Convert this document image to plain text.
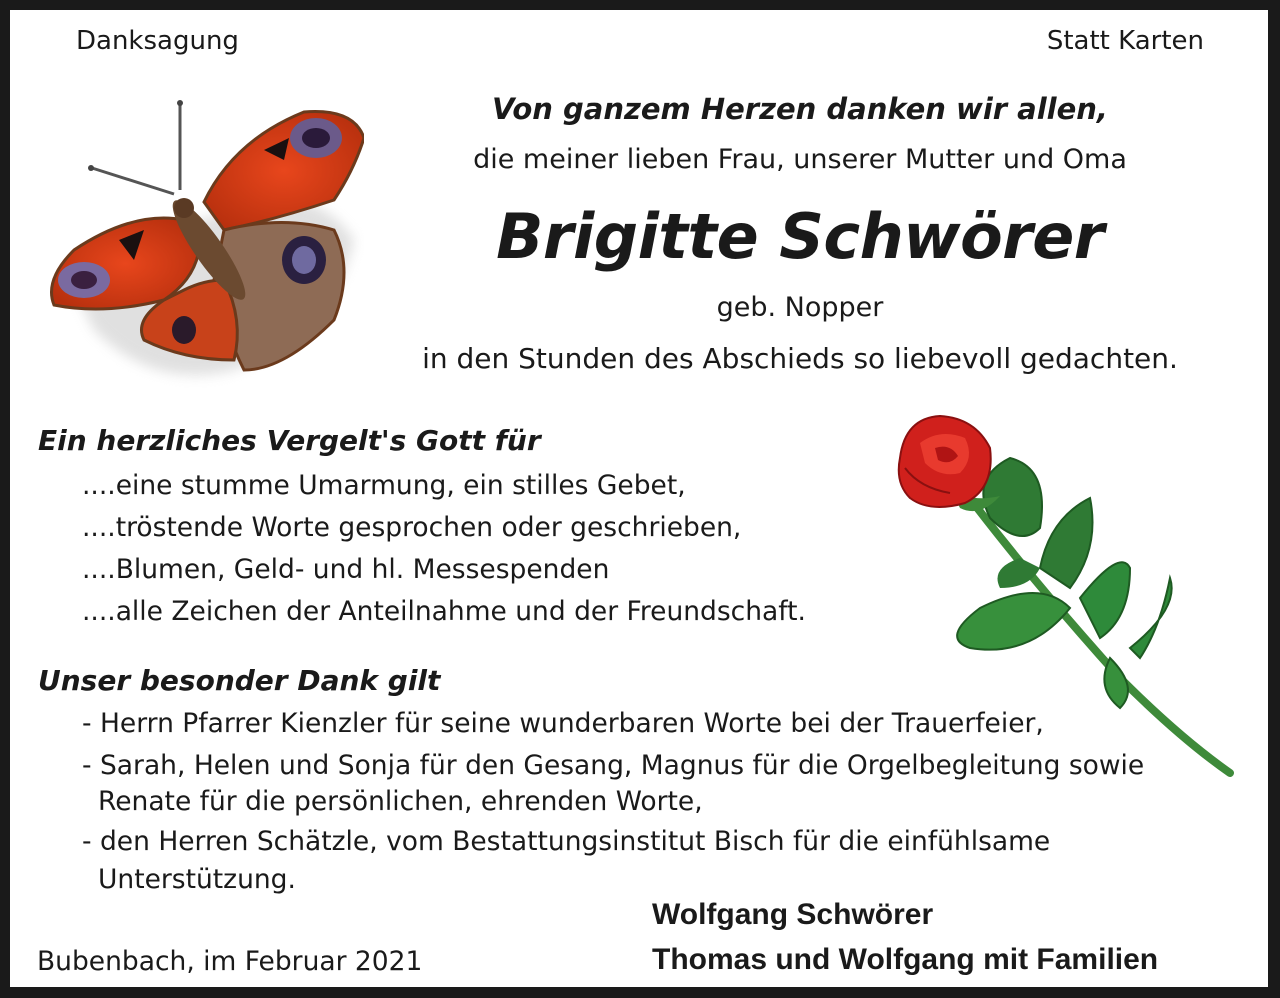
Danksagung	Statt Karten
Von ganzem Herzen danken wir allen,
die meiner lieben Frau, unserer Mutter und Oma
Brigitte Schwörer
geb. Nopper
in den Stunden des Abschieds so liebevoll gedachten.
Ein herzliches Vergelt's Gott für
....eine stumme Umarmung, ein stilles Gebet,
....tröstende Worte gesprochen oder geschrieben,
....Blumen, Geld- und hl. Messespenden
....alle Zeichen der Anteilnahme und der Freundschaft.
Unser besonder Dank gilt
- Herrn Pfarrer Kienzler für seine wunderbaren Worte bei der Trauerfeier,
- Sarah, Helen und Sonja für den Gesang, Magnus für die Orgelbegleitung sowie
Renate für die persönlichen, ehrenden Worte,
- den Herren Schätzle, vom Bestattungsinstitut Bisch für die einfühlsame
Unterstützung.
Wolfgang Schwörer
Bubenbach, im Februar 2021	Thomas und Wolfgang mit Familien
